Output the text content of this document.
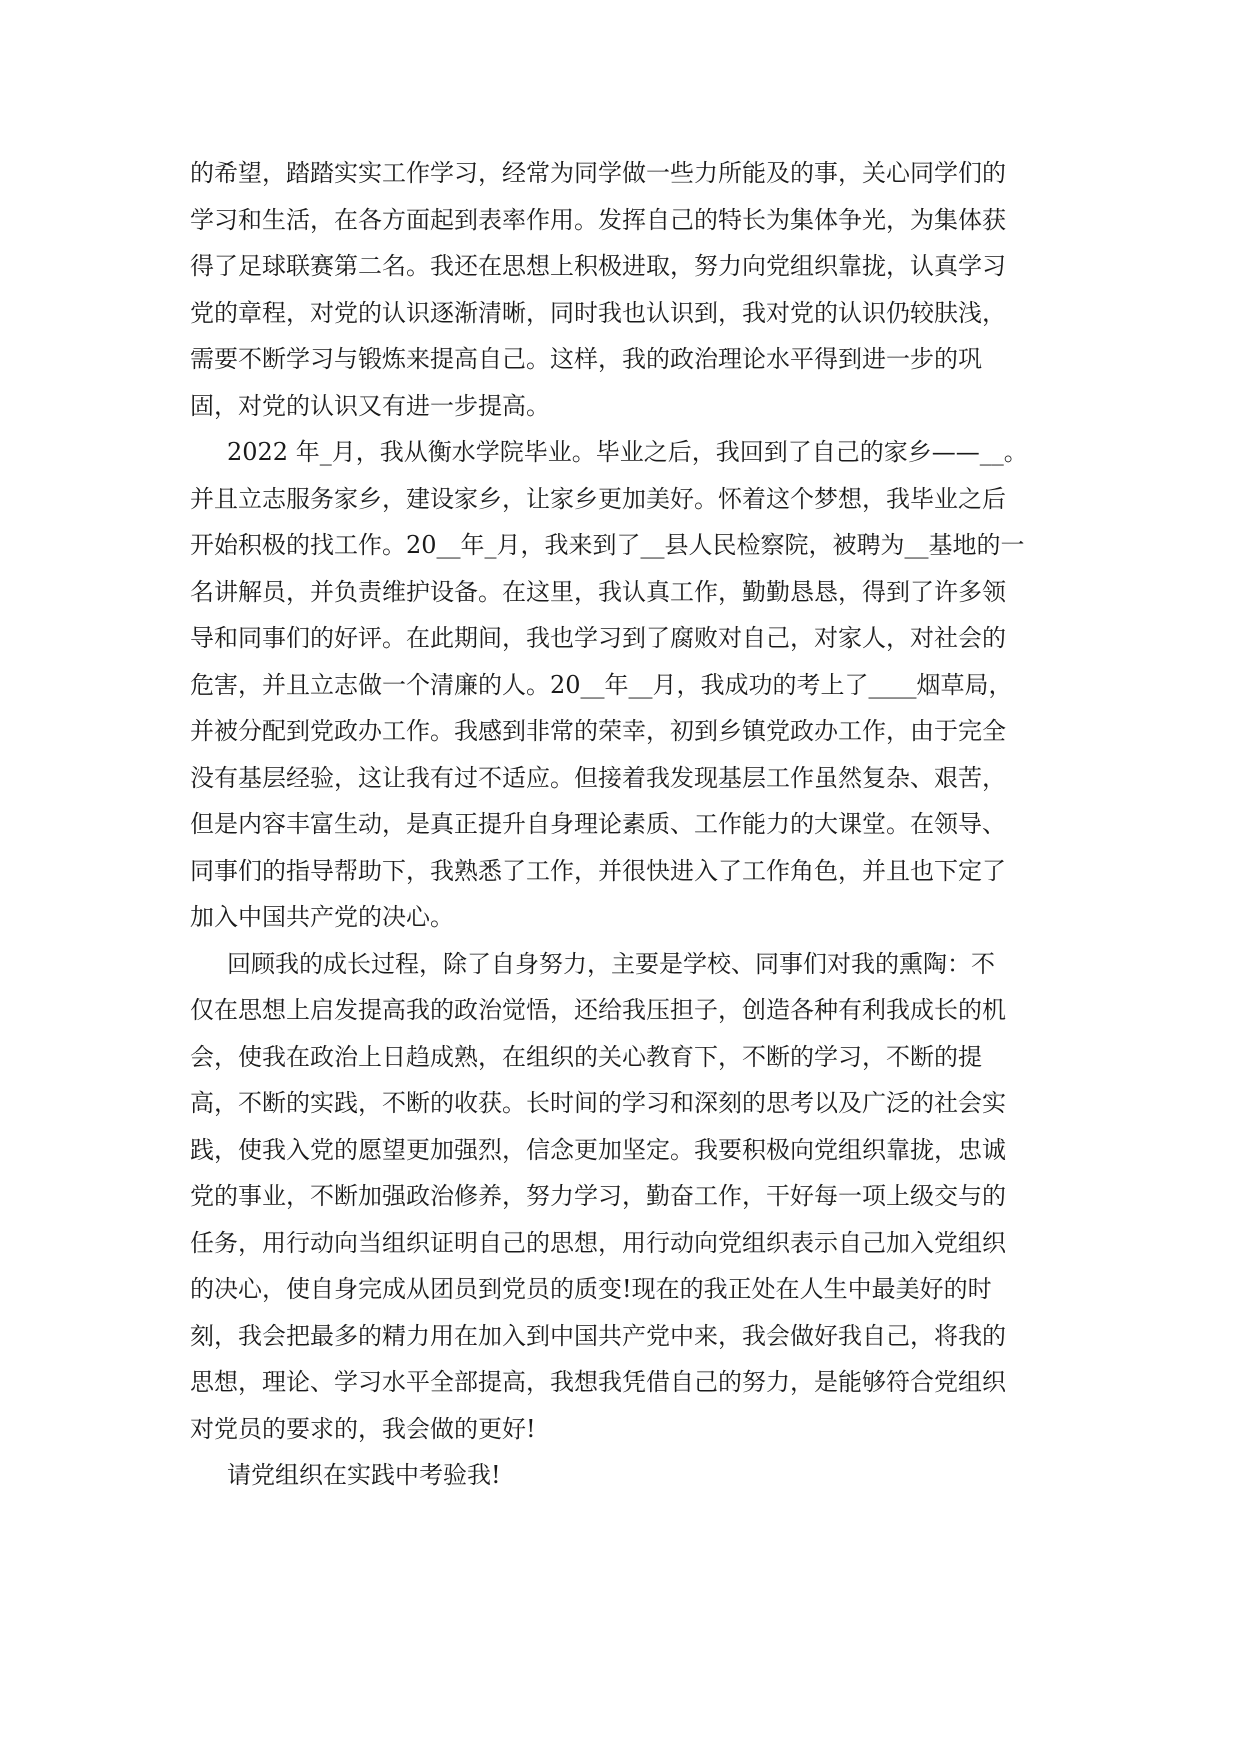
的希望，踏踏实实工作学习，经常为同学做一些力所能及的事，关心同学们的
学习和生活，在各方面起到表率作用。发挥自己的特长为集体争光，为集体获
得了足球联赛第二名。我还在思想上积极进取，努力向党组织靠拢，认真学习
党的章程，对党的认识逐渐清晰，同时我也认识到，我对党的认识仍较肤浅，
需要不断学习与锻炼来提高自己。这样，我的政治理论水平得到进一步的巩
固，对党的认识又有进一步提高。
2022 年_月，我从衡水学院毕业。毕业之后，我回到了自己的家乡——__。
并且立志服务家乡，建设家乡，让家乡更加美好。怀着这个梦想，我毕业之后
开始积极的找工作。20__年_月，我来到了__县人民检察院，被聘为__基地的一
名讲解员，并负责维护设备。在这里，我认真工作，勤勤恳恳，得到了许多领
导和同事们的好评。在此期间，我也学习到了腐败对自己，对家人，对社会的
危害，并且立志做一个清廉的人。20__年__月，我成功的考上了____烟草局，
并被分配到党政办工作。我感到非常的荣幸，初到乡镇党政办工作，由于完全
没有基层经验，这让我有过不适应。但接着我发现基层工作虽然复杂、艰苦，
但是内容丰富生动，是真正提升自身理论素质、工作能力的大课堂。在领导、
同事们的指导帮助下，我熟悉了工作，并很快进入了工作角色，并且也下定了
加入中国共产党的决心。
回顾我的成长过程，除了自身努力，主要是学校、同事们对我的熏陶：不
仅在思想上启发提高我的政治觉悟，还给我压担子，创造各种有利我成长的机
会，使我在政治上日趋成熟，在组织的关心教育下，不断的学习，不断的提
高，不断的实践，不断的收获。长时间的学习和深刻的思考以及广泛的社会实
践，使我入党的愿望更加强烈，信念更加坚定。我要积极向党组织靠拢，忠诚
党的事业，不断加强政治修养，努力学习，勤奋工作，干好每一项上级交与的
任务，用行动向当组织证明自己的思想，用行动向党组织表示自己加入党组织
的决心，使自身完成从团员到党员的质变!现在的我正处在人生中最美好的时
刻，我会把最多的精力用在加入到中国共产党中来，我会做好我自己，将我的
思想，理论、学习水平全部提高，我想我凭借自己的努力，是能够符合党组织
对党员的要求的，我会做的更好!
请党组织在实践中考验我!
